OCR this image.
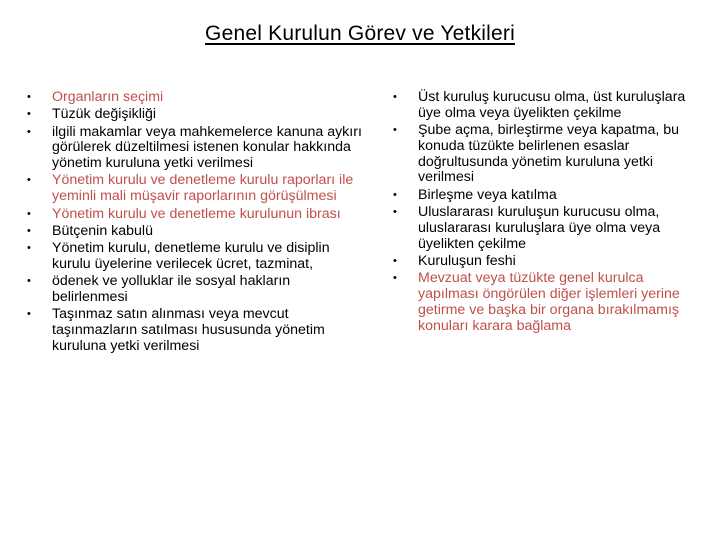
Genel Kurulun Görev ve Yetkileri
• Organların seçimi
• Tüzük değişikliği
• ilgili makamlar veya mahkemelerce kanuna aykırı görülerek düzeltilmesi istenen konular hakkında yönetim kuruluna yetki verilmesi
• Yönetim kurulu ve denetleme kurulu raporları ile yeminli mali müşavir raporlarının görüşülmesi
• Yönetim kurulu ve denetleme kurulunun ibrası
• Bütçenin kabulü
• Yönetim kurulu, denetleme kurulu ve disiplin kurulu üyelerine verilecek ücret, tazminat,
• ödenek ve yolluklar ile sosyal hakların belirlenmesi
• Taşınmaz satın alınması veya mevcut taşınmazların satılması hususunda yönetim kuruluna yetki verilmesi
• Üst kuruluş kurucusu olma, üst kuruluşlara üye olma veya üyelikten çekilme
• Şube açma, birleştirme veya kapatma, bu konuda tüzükte belirlenen esaslar doğrultusunda yönetim kuruluna yetki verilmesi
• Birleşme veya katılma
• Uluslararası kuruluşun kurucusu olma, uluslararası kuruluşlara üye olma veya üyelikten çekilme
• Kuruluşun feshi
• Mevzuat veya tüzükte genel kurulca yapılması öngörülen diğer işlemleri yerine getirme ve başka bir organa bırakılmamış konuları karara bağlama
